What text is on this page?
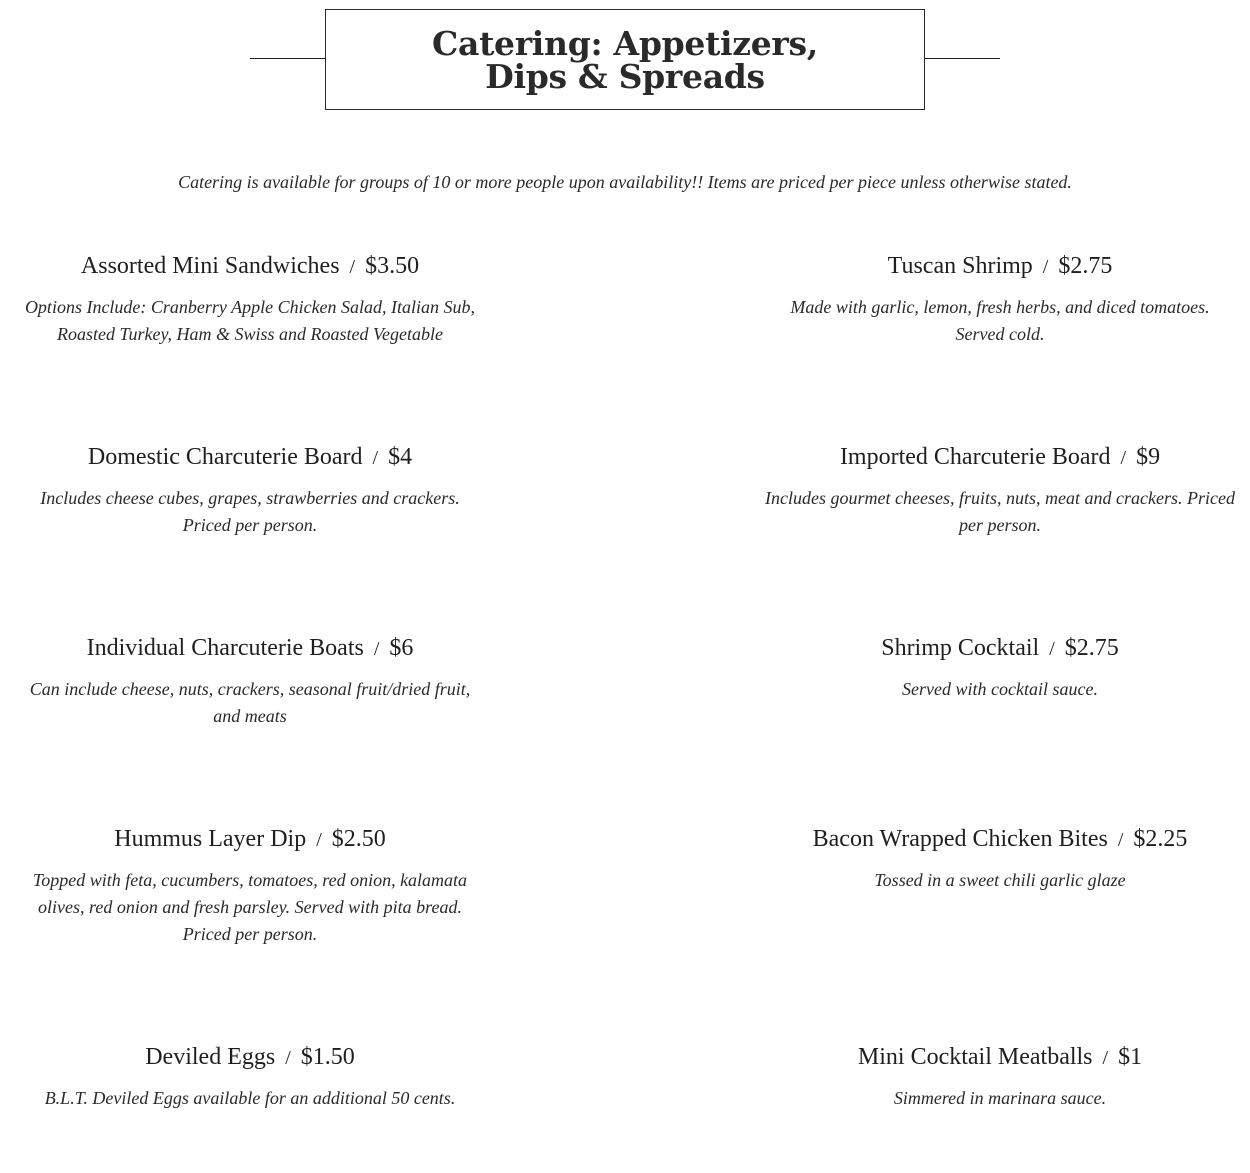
Catering: Appetizers, Dips & Spreads
Catering is available for groups of 10 or more people upon availability!! Items are priced per piece unless otherwise stated.
Assorted Mini Sandwiches / $3.50
Options Include: Cranberry Apple Chicken Salad, Italian Sub, Roasted Turkey, Ham & Swiss and Roasted Vegetable
Tuscan Shrimp / $2.75
Made with garlic, lemon, fresh herbs, and diced tomatoes. Served cold.
Domestic Charcuterie Board / $4
Includes cheese cubes, grapes, strawberries and crackers. Priced per person.
Imported Charcuterie Board / $9
Includes gourmet cheeses, fruits, nuts, meat and crackers. Priced per person.
Individual Charcuterie Boats / $6
Can include cheese, nuts, crackers, seasonal fruit/dried fruit, and meats
Shrimp Cocktail / $2.75
Served with cocktail sauce.
Hummus Layer Dip / $2.50
Topped with feta, cucumbers, tomatoes, red onion, kalamata olives, red onion and fresh parsley. Served with pita bread. Priced per person.
Bacon Wrapped Chicken Bites / $2.25
Tossed in a sweet chili garlic glaze
Deviled Eggs / $1.50
B.L.T. Deviled Eggs available for an additional 50 cents.
Mini Cocktail Meatballs / $1
Simmered in marinara sauce.
